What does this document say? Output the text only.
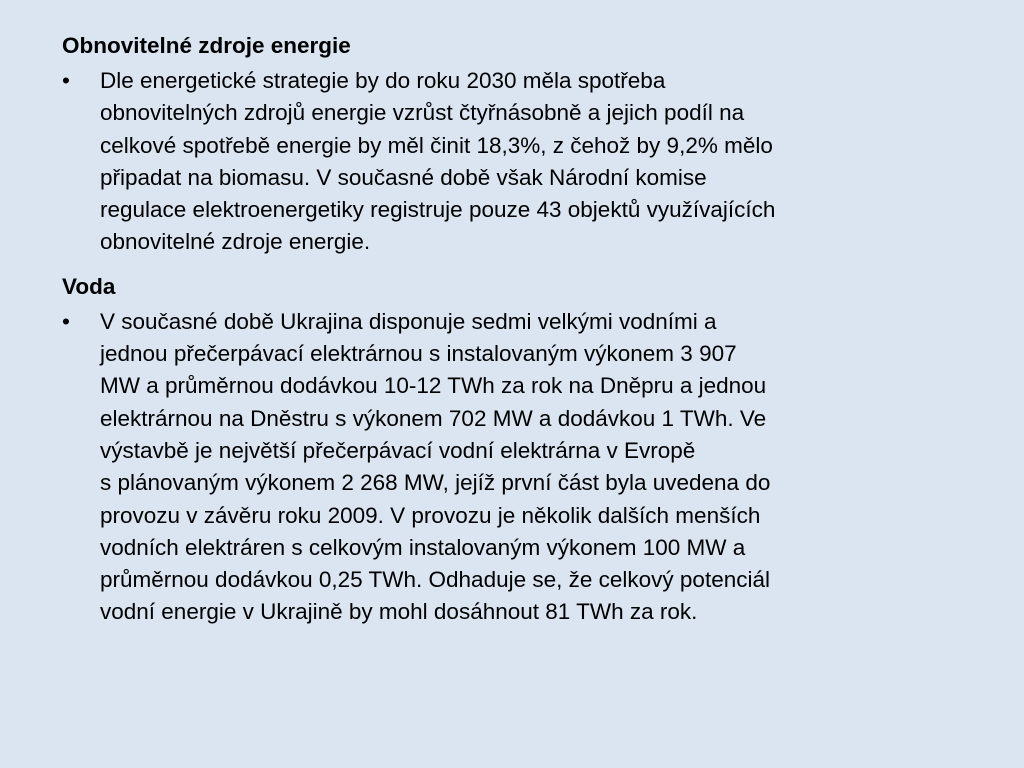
Obnovitelné zdroje energie

• Dle energetické strategie by do roku 2030 měla spotřeba
obnovitelných zdrojů energie vzrůst čtyřnásobně a jejich podíl na
celkové spotřebě energie by měl činit 18,3%, z čehož by 9,2% mělo
připadat na biomasu. V současné době však Národní komise
regulace elektroenergetiky registruje pouze 43 objektů využívajících
obnovitelné zdroje energie.

Voda

• V současné době Ukrajina disponuje sedmi velkými vodními a
jednou přečerpávací elektrárnou s instalovaným výkonem 3 907
MW a průměrnou dodávkou 10-12 TWh za rok na Dněpru a jednou
elektrárnou na Dněstru s výkonem 702 MW a dodávkou 1 TWh. Ve
výstavbě je největší přečerpávací vodní elektrárna v Evropě
s plánovaným výkonem 2 268 MW, jejíž první část byla uvedena do
provozu v závěru roku 2009. V provozu je několik dalších menších
vodních elektráren s celkovým instalovaným výkonem 100 MW a
průměrnou dodávkou 0,25 TWh. Odhaduje se, že celkový potenciál
vodní energie v Ukrajině by mohl dosáhnout 81 TWh za rok.
